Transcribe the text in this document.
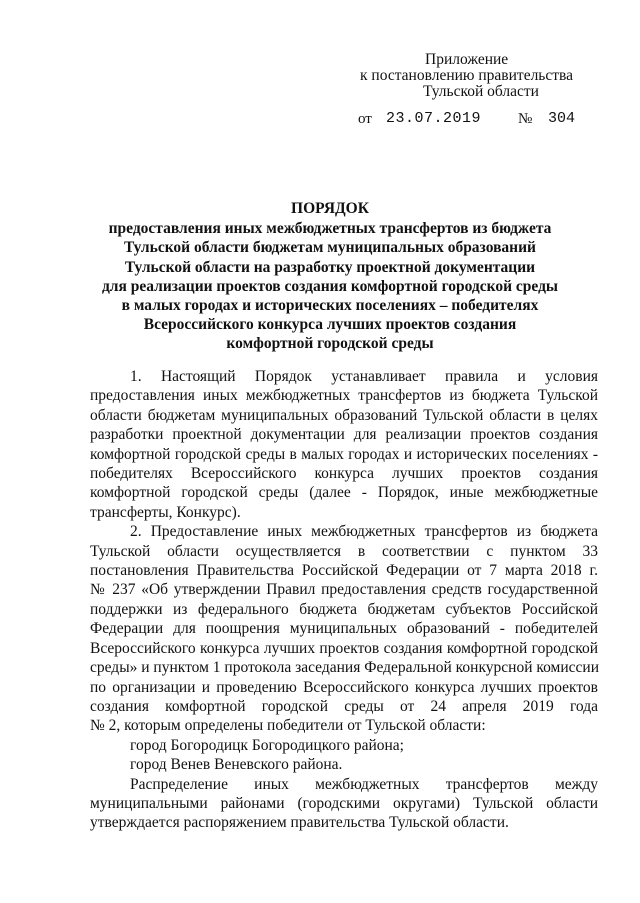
Приложение
к постановлению правительства
Тульской области
от 23.07.2019 № 304
ПОРЯДОК
предоставления иных межбюджетных трансфертов из бюджета
Тульской области бюджетам муниципальных образований
Тульской области на разработку проектной документации
для реализации проектов создания комфортной городской среды
в малых городах и исторических поселениях – победителях
Всероссийского конкурса лучших проектов создания
комфортной городской среды
1. Настоящий Порядок устанавливает правила и условия
предоставления иных межбюджетных трансфертов из бюджета Тульской
области бюджетам муниципальных образований Тульской области в целях
разработки проектной документации для реализации проектов создания
комфортной городской среды в малых городах и исторических поселениях -
победителях Всероссийского конкурса лучших проектов создания
комфортной городской среды (далее - Порядок, иные межбюджетные
трансферты, Конкурс).
2. Предоставление иных межбюджетных трансфертов из бюджета
Тульской области осуществляется в соответствии с пунктом 33
постановления Правительства Российской Федерации от 7 марта 2018 г.
№ 237 «Об утверждении Правил предоставления средств государственной
поддержки из федерального бюджета бюджетам субъектов Российской
Федерации для поощрения муниципальных образований - победителей
Всероссийского конкурса лучших проектов создания комфортной городской
среды» и пунктом 1 протокола заседания Федеральной конкурсной комиссии
по организации и проведению Всероссийского конкурса лучших проектов
создания комфортной городской среды от 24 апреля 2019 года
№ 2, которым определены победители от Тульской области:
город Богородицк Богородицкого района;
город Венев Веневского района.
Распределение иных межбюджетных трансфертов между
муниципальными районами (городскими округами) Тульской области
утверждается распоряжением правительства Тульской области.
